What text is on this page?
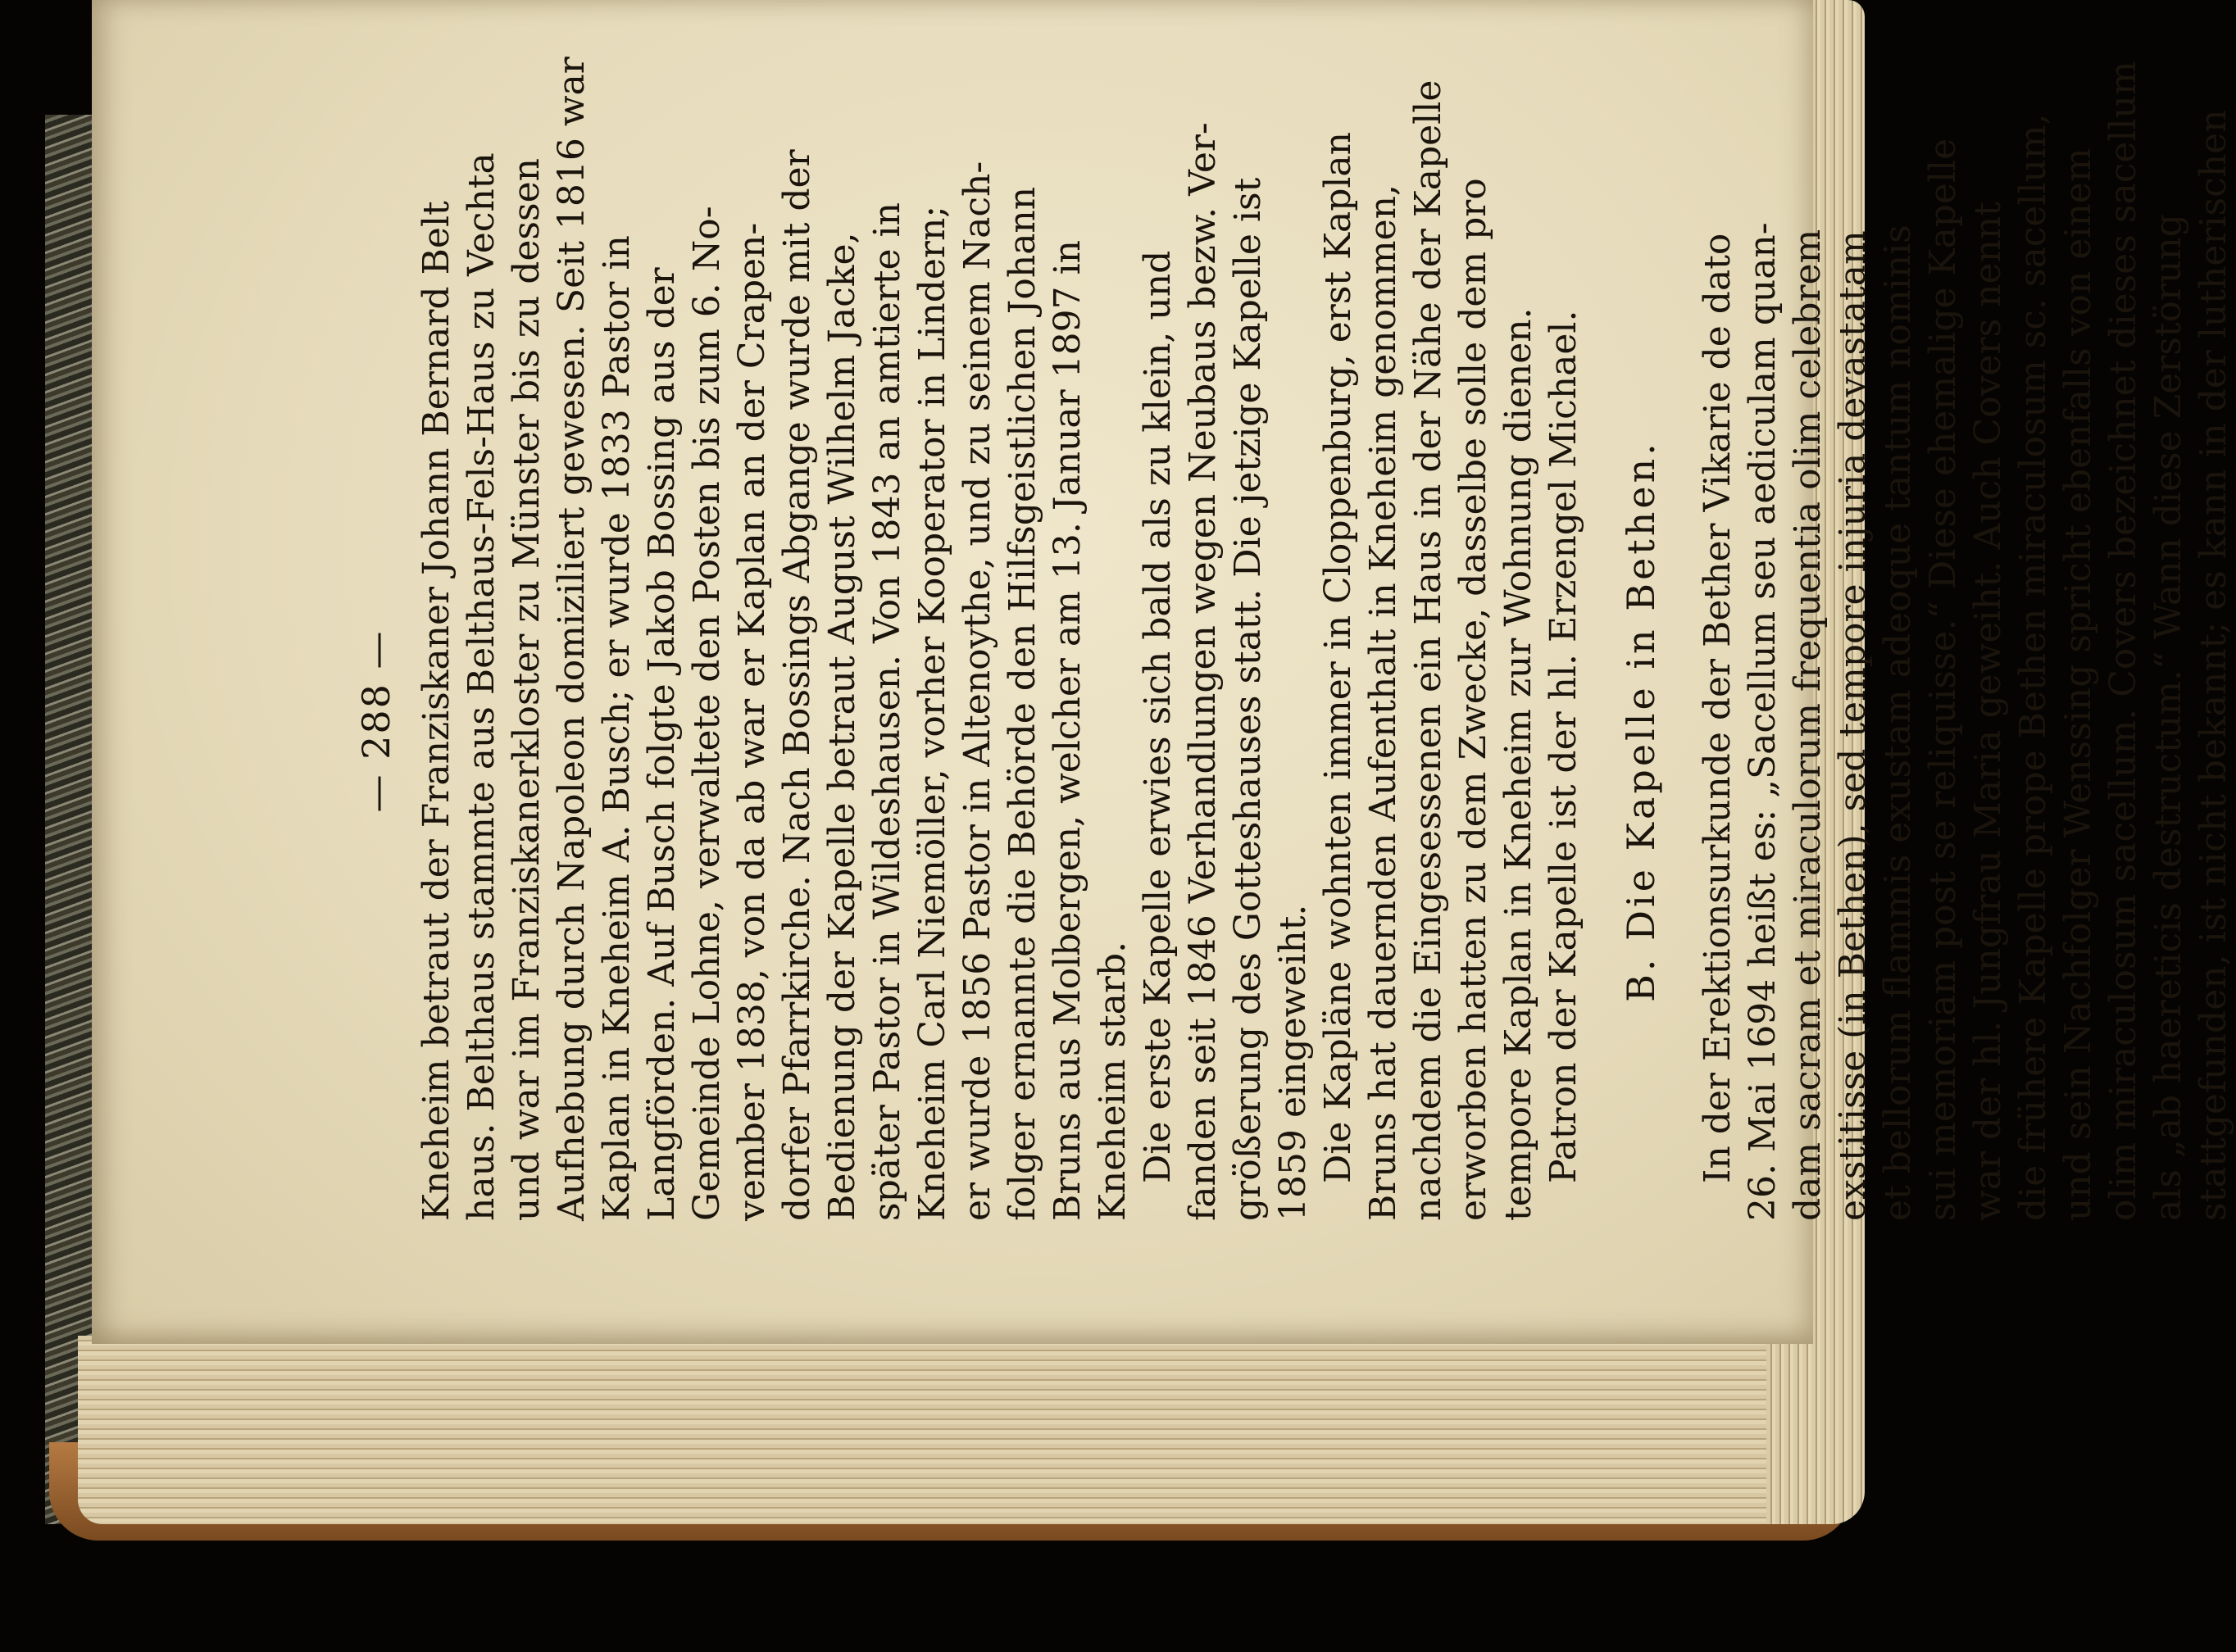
— 288 — Kneheim betraut der Franziskaner Johann Bernard Belt haus. Belthaus stammte aus Belthaus-Fels-Haus zu Vechta und war im Franziskanerkloster zu Münster bis zu dessen Aufhebung durch Napoleon domiziliert gewesen. Seit 1816 war Kaplan in Kneheim A. Busch; er wurde 1833 Pastor in Langförden. Auf Busch folgte Jakob Bossing aus der Gemeinde Lohne, verwaltete den Posten bis zum 6. No- vember 1838, von da ab war er Kaplan an der Crapen- dorfer Pfarrkirche. Nach Bossings Abgange wurde mit der Bedienung der Kapelle betraut August Wilhelm Jacke, später Pastor in Wildeshausen. Von 1843 an amtierte in Kneheim Carl Niemöller, vorher Kooperator in Lindern; er wurde 1856 Pastor in Altenoythe, und zu seinem Nach- folger ernannte die Behörde den Hilfsgeistlichen Johann Bruns aus Molbergen, welcher am 13. Januar 1897 in Kneheim starb. Die erste Kapelle erwies sich bald als zu klein, und fanden seit 1846 Verhandlungen wegen Neubaus bezw. Ver- größerung des Gotteshauses statt. Die jetzige Kapelle ist 1859 eingeweiht. Die Kapläne wohnten immer in Cloppenburg, erst Kaplan Bruns hat dauernden Aufenthalt in Kneheim genommen, nachdem die Eingesessenen ein Haus in der Nähe der Kapelle erworben hatten zu dem Zwecke, dasselbe solle dem pro tempore Kaplan in Kneheim zur Wohnung dienen. Patron der Kapelle ist der hl. Erzengel Michael. B. Die Kapelle in Bethen. In der Erektionsurkunde der Bether Vikarie de dato 26. Mai 1694 heißt es: „Sacellum seu aediculam quan- dam sacram et miraculorum frequentia olim celebrem exstitisse (in Bethen), sed tempore injuria devastatam et bellorum flammis exustam adeoque tantum nominis sui memoriam post se reliquisse.“ Diese ehemalige Kapelle war der hl. Jungfrau Maria geweiht. Auch Covers nennt die frühere Kapelle prope Bethen miraculosum sc. sacellum, und sein Nachfolger Wenssing spricht ebenfalls von einem olim miraculosum sacellum. Covers bezeichnet dieses sacellum als „ab haereticis destructum.“ Wann diese Zerstörung stattgefunden, ist nicht bekannt; es kann in der lutherischen
